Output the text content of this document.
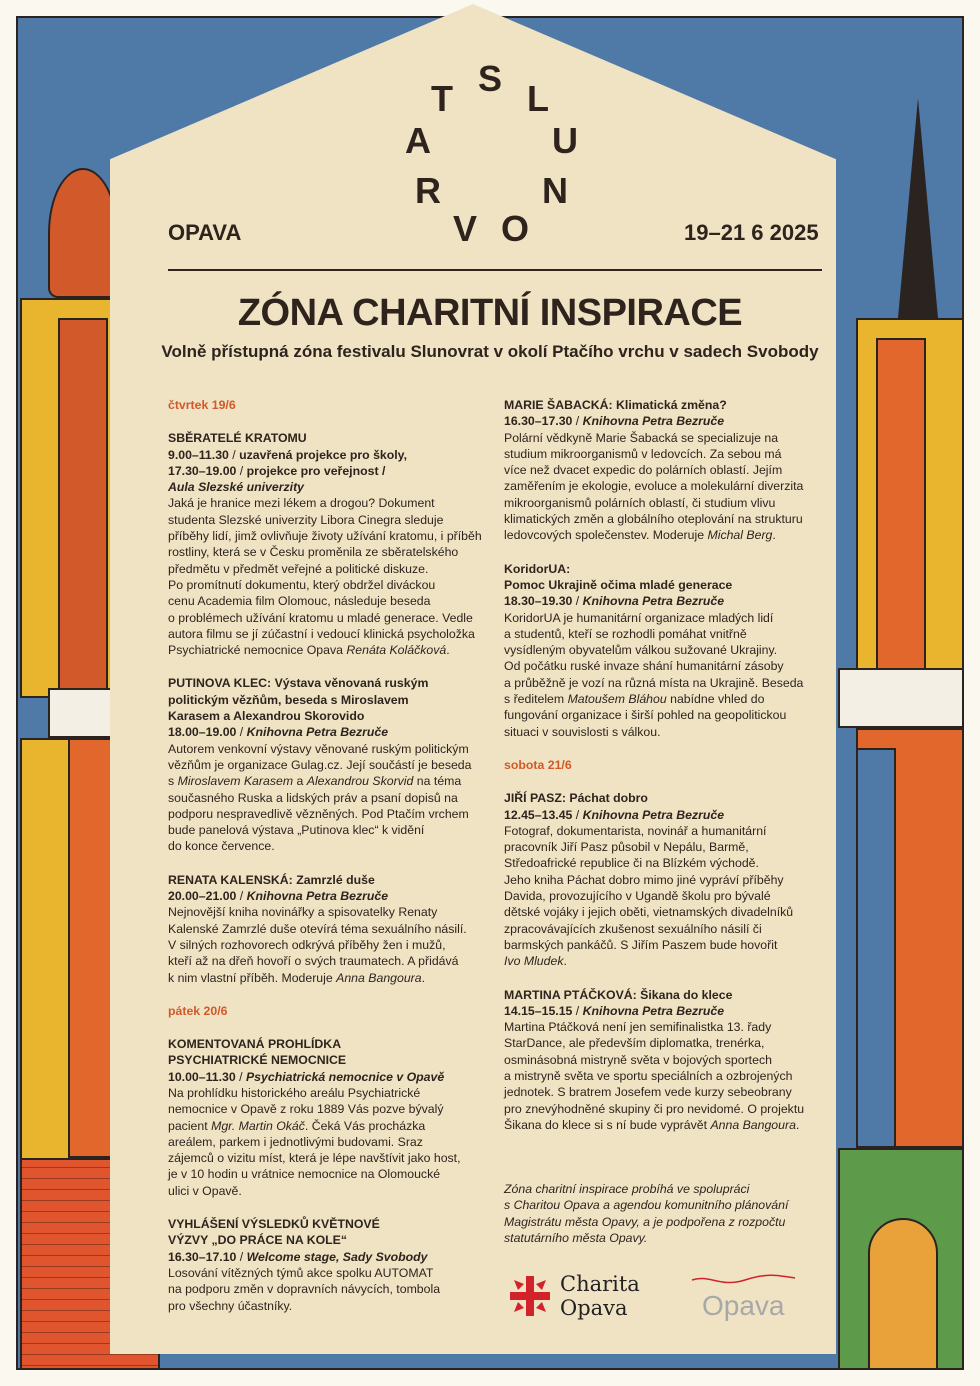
S L
U
N
O
V
R
A
T
OPAVA	19–21 6 2025
ZÓNA CHARITNÍ INSPIRACE
Volně přístupná zóna festivalu Slunovrat v okolí Ptačího vrchu v sadech Svobody
čtvrtek 19/6
SBĚRATELÉ KRATOMU
9.00–11.30 / uzavřená projekce pro školy,
17.30–19.00 / projekce pro veřejnost /
Aula Slezské univerzity
Jaká je hranice mezi lékem a drogou? Dokument
studenta Slezské univerzity Libora Cinegra sleduje
příběhy lidí, jimž ovlivňuje životy užívání kratomu, i příběh
rostliny, která se v Česku proměnila ze sběratelského
předmětu v předmět veřejné a politické diskuze.
Po promítnutí dokumentu, který obdržel diváckou
cenu Academia film Olomouc, následuje beseda
o problémech užívání kratomu u mladé generace. Vedle
autora filmu se jí zúčastní i vedoucí klinická psycholožka
Psychiatrické nemocnice Opava Renáta Koláčková.
PUTINOVA KLEC: Výstava věnovaná ruským
politickým vězňům, beseda s Miroslavem
Karasem a Alexandrou Skorovido
18.00–19.00 / Knihovna Petra Bezruče
Autorem venkovní výstavy věnované ruským politickým
vězňům je organizace Gulag.cz. Její součástí je beseda
s Miroslavem Karasem a Alexandrou Skorvid na téma
současného Ruska a lidských práv a psaní dopisů na
podporu nespravedlivě vězněných. Pod Ptačím vrchem
bude panelová výstava „Putinova klec“ k vidění
do konce července.
RENATA KALENSKÁ: Zamrzlé duše
20.00–21.00 / Knihovna Petra Bezruče
Nejnovější kniha novinářky a spisovatelky Renaty
Kalenské Zamrzlé duše otevírá téma sexuálního násilí.
V silných rozhovorech odkrývá příběhy žen i mužů,
kteří až na dřeň hovoří o svých traumatech. A přidává
k nim vlastní příběh. Moderuje Anna Bangoura.
pátek 20/6
KOMENTOVANÁ PROHLÍDKA
PSYCHIATRICKÉ NEMOCNICE
10.00–11.30 / Psychiatrická nemocnice v Opavě
Na prohlídku historického areálu Psychiatrické
nemocnice v Opavě z roku 1889 Vás pozve bývalý
pacient Mgr. Martin Okáč. Čeká Vás procházka
areálem, parkem i jednotlivými budovami. Sraz
zájemců o vizitu míst, která je lépe navštívit jako host,
je v 10 hodin u vrátnice nemocnice na Olomoucké
ulici v Opavě.
VYHLÁŠENÍ VÝSLEDKŮ KVĚTNOVÉ
VÝZVY „DO PRÁCE NA KOLE“
16.30–17.10 / Welcome stage, Sady Svobody
Losování vítězných týmů akce spolku AUTOMAT
na podporu změn v dopravních návycích, tombola
pro všechny účastníky.
MARIE ŠABACKÁ: Klimatická změna?
16.30–17.30 / Knihovna Petra Bezruče
Polární vědkyně Marie Šabacká se specializuje na
studium mikroorganismů v ledovcích. Za sebou má
více než dvacet expedic do polárních oblastí. Jejím
zaměřením je ekologie, evoluce a molekulární diverzita
mikroorganismů polárních oblastí, či studium vlivu
klimatických změn a globálního oteplování na strukturu
ledovcových společenstev. Moderuje Michal Berg.
KoridorUA:
Pomoc Ukrajině očima mladé generace
18.30–19.30 / Knihovna Petra Bezruče
KoridorUA je humanitární organizace mladých lidí
a studentů, kteří se rozhodli pomáhat vnitřně
vysídleným obyvatelům válkou sužované Ukrajiny.
Od počátku ruské invaze shání humanitární zásoby
a průběžně je vozí na různá místa na Ukrajině. Beseda
s ředitelem Matoušem Bláhou nabídne vhled do
fungování organizace i širší pohled na geopolitickou
situaci v souvislosti s válkou.
sobota 21/6
JIŘÍ PASZ: Páchat dobro
12.45–13.45 / Knihovna Petra Bezruče
Fotograf, dokumentarista, novinář a humanitární
pracovník Jiří Pasz působil v Nepálu, Barmě,
Středoafrické republice či na Blízkém východě.
Jeho kniha Páchat dobro mimo jiné vypráví příběhy
Davida, provozujícího v Ugandě školu pro bývalé
dětské vojáky i jejich oběti, vietnamských divadelníků
zpracovávajících zkušenost sexuálního násilí či
barmských pankáčů. S Jiřím Paszem bude hovořit
Ivo Mludek.
MARTINA PTÁČKOVÁ: Šikana do klece
14.15–15.15 / Knihovna Petra Bezruče
Martina Ptáčková není jen semifinalistka 13. řady
StarDance, ale především diplomatka, trenérka,
osminásobná mistryně světa v bojových sportech
a mistryně světa ve sportu speciálních a ozbrojených
jednotek. S bratrem Josefem vede kurzy sebeobrany
pro znevýhodněné skupiny či pro nevidomé. O projektu
Šikana do klece si s ní bude vyprávět Anna Bangoura.
Zóna charitní inspirace probíhá ve spolupráci
s Charitou Opava a agendou komunitního plánování
Magistrátu města Opavy, a je podpořena z rozpočtu
statutárního města Opavy.
Charita
Opava	Opava
